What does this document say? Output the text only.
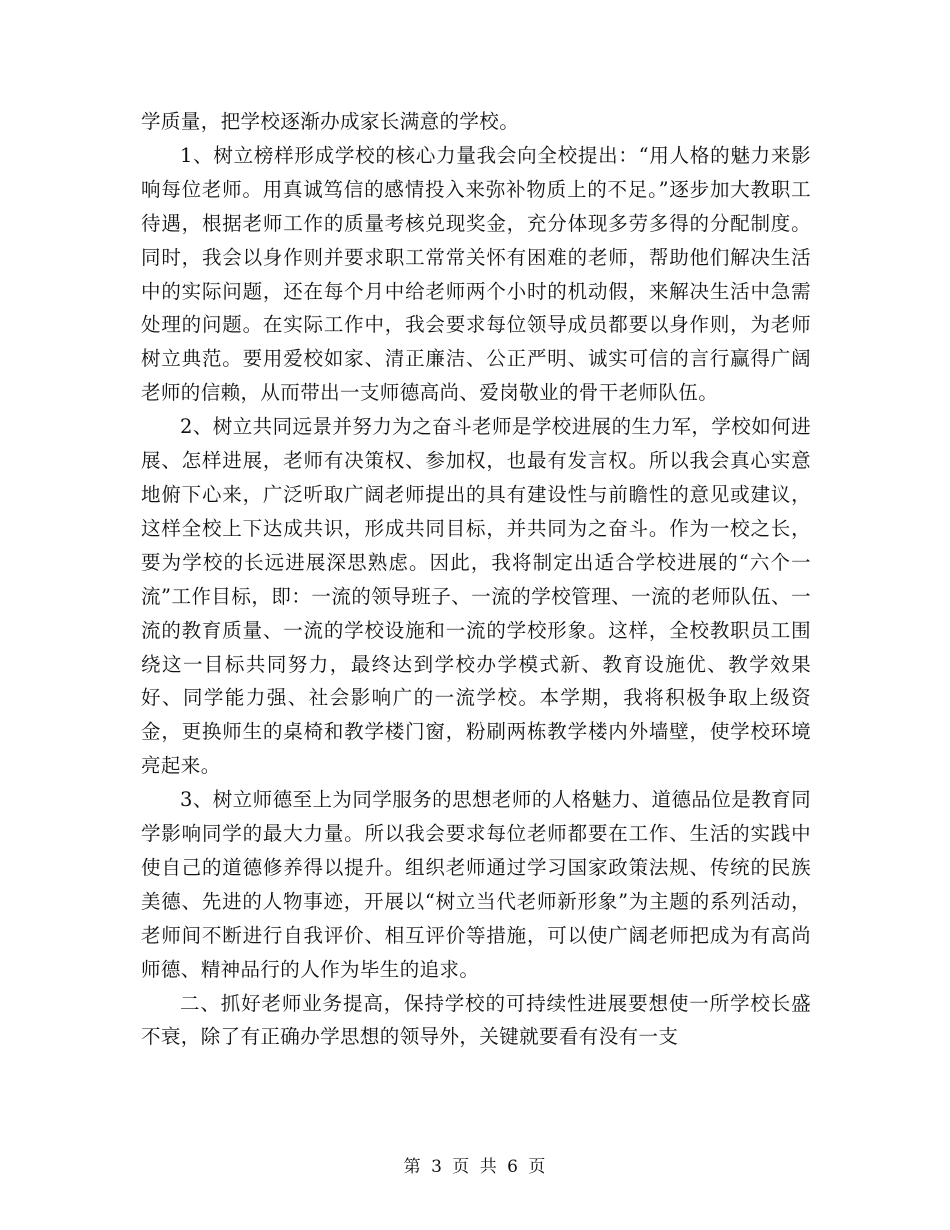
学质量，把学校逐渐办成家长满意的学校。

1、树立榜样形成学校的核心力量我会向全校提出：“用人格的魅力来影响每位老师。用真诚笃信的感情投入来弥补物质上的不足。”逐步加大教职工待遇，根据老师工作的质量考核兑现奖金，充分体现多劳多得的分配制度。同时，我会以身作则并要求职工常常关怀有困难的老师，帮助他们解决生活中的实际问题，还在每个月中给老师两个小时的机动假，来解决生活中急需处理的问题。在实际工作中，我会要求每位领导成员都要以身作则，为老师树立典范。要用爱校如家、清正廉洁、公正严明、诚实可信的言行赢得广阔老师的信赖，从而带出一支师德高尚、爱岗敬业的骨干老师队伍。

2、树立共同远景并努力为之奋斗老师是学校进展的生力军，学校如何进展、怎样进展，老师有决策权、参加权，也最有发言权。所以我会真心实意地俯下心来，广泛听取广阔老师提出的具有建设性与前瞻性的意见或建议，这样全校上下达成共识，形成共同目标，并共同为之奋斗。作为一校之长，要为学校的长远进展深思熟虑。因此，我将制定出适合学校进展的“六个一流”工作目标，即：一流的领导班子、一流的学校管理、一流的老师队伍、一流的教育质量、一流的学校设施和一流的学校形象。这样，全校教职员工围绕这一目标共同努力，最终达到学校办学模式新、教育设施优、教学效果好、同学能力强、社会影响广的一流学校。本学期，我将积极争取上级资金，更换师生的桌椅和教学楼门窗，粉刷两栋教学楼内外墙壁，使学校环境亮起来。

3、树立师德至上为同学服务的思想老师的人格魅力、道德品位是教育同学影响同学的最大力量。所以我会要求每位老师都要在工作、生活的实践中使自己的道德修养得以提升。组织老师通过学习国家政策法规、传统的民族美德、先进的人物事迹，开展以“树立当代老师新形象”为主题的系列活动，老师间不断进行自我评价、相互评价等措施，可以使广阔老师把成为有高尚师德、精神品行的人作为毕生的追求。

二、抓好老师业务提高，保持学校的可持续性进展要想使一所学校长盛不衰，除了有正确办学思想的领导外，关键就要看有没有一支

第 3 页 共 6 页
